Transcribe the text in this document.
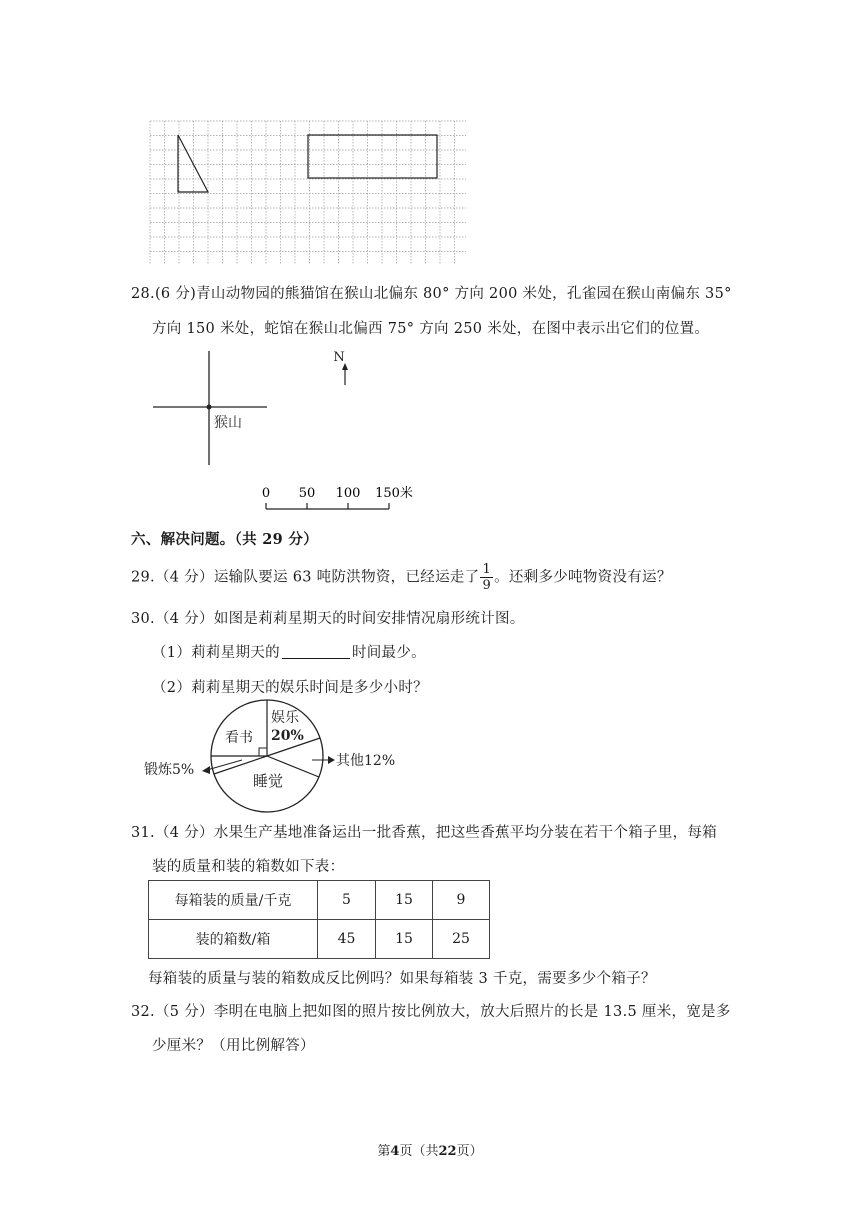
28.(6 分)青山动物园的熊猫馆在猴山北偏东 80° 方向 200 米处，孔雀园在猴山南偏东 35°
方向 150 米处，蛇馆在猴山北偏西 75° 方向 250 米处，在图中表示出它们的位置。
猴山
N
0 50 100 150米
六、解决问题。（共 29 分）
29.（4 分）运输队要运 63 吨防洪物资，已经运走了 $\frac{1}{9}$ 。还剩多少吨物资没有运？
30.（4 分）如图是莉莉星期天的时间安排情况扇形统计图。
（1）莉莉星期天的	时间最少。
（2）莉莉星期天的娱乐时间是多少小时？
看书
娱乐
20%
睡觉
锻炼5%
其他12%
31.（4 分）水果生产基地准备运出一批香蕉，把这些香蕉平均分装在若干个箱子里，每箱
装的质量和装的箱数如下表：
每箱装的质量/千克	5	15	9
装的箱数/箱	45	15	25
每箱装的质量与装的箱数成反比例吗？如果每箱装 3 千克，需要多少个箱子？
32.（5 分）李明在电脑上把如图的照片按比例放大，放大后照片的长是 13.5 厘米，宽是多
少厘米？（用比例解答）
第4页（共22页）
